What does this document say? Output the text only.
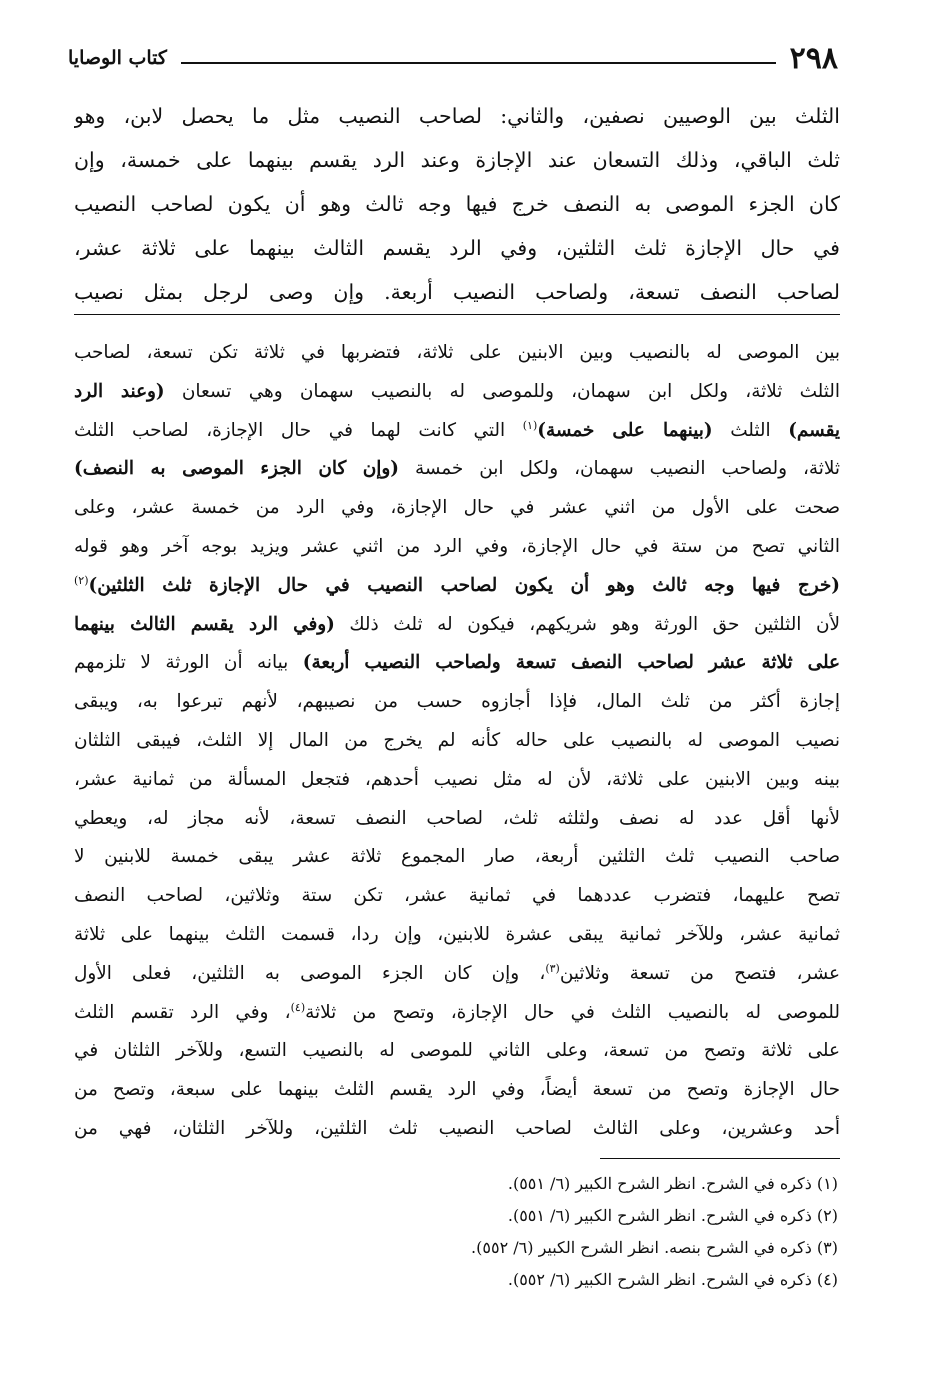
٢٩٨
كتاب الوصايا
الثلث بين الوصيين نصفين، والثاني: لصاحب النصيب مثل ما يحصل لابن، وهو
ثلث الباقي، وذلك التسعان عند الإجازة وعند الرد يقسم بينهما على خمسة، وإن
كان الجزء الموصى به النصف خرج فيها وجه ثالث وهو أن يكون لصاحب النصيب
في حال الإجازة ثلث الثلثين، وفي الرد يقسم الثالث بينهما على ثلاثة عشر،
لصاحب النصف تسعة، ولصاحب النصيب أربعة. وإن وصى لرجل بمثل نصيب
بين الموصى له بالنصيب وبين الابنين على ثلاثة، فتضربها في ثلاثة تكن تسعة، لصاحب
الثلث ثلاثة، ولكل ابن سهمان، وللموصى له بالنصيب سهمان وهي تسعان (وعند الرد
يقسم) الثلث (بينهما على خمسة)$^{(١)}$ التي كانت لهما في حال الإجازة، لصاحب الثلث
ثلاثة، ولصاحب النصيب سهمان، ولكل ابن خمسة (وإن كان الجزء الموصى به النصف)
صحت على الأول من اثني عشر في حال الإجازة، وفي الرد من خمسة عشر، وعلى
الثاني تصح من ستة في حال الإجازة، وفي الرد من اثني عشر ويزيد بوجه آخر وهو قوله
(خرج فيها وجه ثالث وهو أن يكون لصاحب النصيب في حال الإجازة ثلث الثلثين)$^{(٢)}$
لأن الثلثين حق الورثة وهو شريكهم، فيكون له ثلث ذلك (وفي الرد يقسم الثالث بينهما
على ثلاثة عشر لصاحب النصف تسعة ولصاحب النصيب أربعة) بيانه أن الورثة لا تلزمهم
إجازة أكثر من ثلث المال، فإذا أجازوه حسب من نصيبهم، لأنهم تبرعوا به، ويبقى
نصيب الموصى له بالنصيب على حاله كأنه لم يخرج من المال إلا الثلث، فيبقى الثلثان
بينه وبين الابنين على ثلاثة، لأن له مثل نصيب أحدهم، فتجعل المسألة من ثمانية عشر،
لأنها أقل عدد له نصف ولثلثه ثلث، لصاحب النصف تسعة، لأنه مجاز له، ويعطي
صاحب النصيب ثلث الثلثين أربعة، صار المجموع ثلاثة عشر يبقى خمسة للابنين لا
تصح عليهما، فتضرب عددهما في ثمانية عشر، تكن ستة وثلاثين، لصاحب النصف
ثمانية عشر، وللآخر ثمانية يبقى عشرة للابنين، وإن ردا، قسمت الثلث بينهما على ثلاثة
عشر، فتصح من تسعة وثلاثين$^{(٣)}$، وإن كان الجزء الموصى به الثلثين، فعلى الأول
للموصى له بالنصيب الثلث في حال الإجازة، وتصح من ثلاثة$^{(٤)}$، وفي الرد تقسم الثلث
على ثلاثة وتصح من تسعة، وعلى الثاني للموصى له بالنصيب التسع، وللآخر الثلثان في
حال الإجازة وتصح من تسعة أيضاً، وفي الرد يقسم الثلث بينهما على سبعة، وتصح من
أحد وعشرين، وعلى الثالث لصاحب النصيب ثلث الثلثين، وللآخر الثلثان، فهي من
(١) ذكره في الشرح. انظر الشرح الكبير (٦/ ٥٥١).
(٢) ذكره في الشرح. انظر الشرح الكبير (٦/ ٥٥١).
(٣) ذكره في الشرح بنصه. انظر الشرح الكبير (٦/ ٥٥٢).
(٤) ذكره في الشرح. انظر الشرح الكبير (٦/ ٥٥٢).
